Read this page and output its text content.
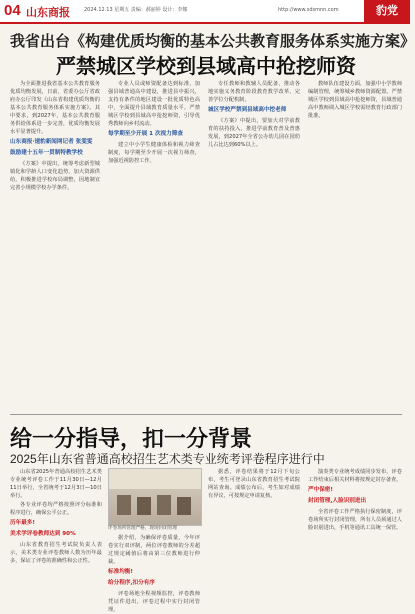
04 山东商报	2024.12.13 星期五 责编：郝丽婷 设计：李娜	http://www.sdsmnn.com	豹党
我省出台《构建优质均衡的基本公共教育服务体系实施方案》
严禁城区学校到县域高中抢挖师资

为全面推进我省基本公共教育服务优质均衡发展，日前，省委办公厅省政府办公厅印发《山东省构建优质均衡的基本公共教育服务体系实施方案》。其中要求，到2027年，基本公共教育服务供给体系进一步完善，优质均衡发展水平显著提升。

山东商报·速豹新闻网记者 张雯雯
鼓励建十五年一贯制特教学校

《方案》中提出，统筹考虑新型城镇化和学龄人口变化趋势，加大资源供给，积极推进学校布局调整，因地制宜完善小规模学校办学条件。

专业人员或师资配备达到标准，加强县域普通高中建设，推进县中振兴，支持有条件的地区建设一批优质特色高中，全面提升县域教育质量水平。严禁城区学校到县域高中抢挖师资，引导优秀教师向乡村流动。

每学期至少开展 1 次视力筛查

建立中小学生健康体检和视力筛查制度，每学期至少开展一次视力筛查，加强近视防控工作。

专任教师和教辅人员配备，推动各地实施义务教育阶段教育教学改革，完善学位分配机制。

城区学校严禁到县域高中挖老师

《方案》中提出，要加大对学前教育的扶持投入，推进学前教育普及普惠发展，到2027年全省公办幼儿园在园幼儿占比达到60%以上。

教师队伍建设方面，加强中小学教师编制管理，统筹城乡教师资源配置。严禁城区学校到县域高中抢挖师资，县域普通高中教师调入城区学校需经教育行政部门批准。

给一分指导，扣一分背景
2025年山东省普通高校招生艺术类专业统考评卷程序进行中

山东省2025年普通高校招生艺术类专业统考评卷工作于11月30日—12月11日举行，全省统考于12月3日—10日举行。

各专业评卷均严格按照评分标准和程序进行，确保公平公正。

历年最多!
美术学评卷教师达到 90%

山东省教育招生考试院负责人表示，美术类专业评卷教师人数为历年最多，保证了评卷的准确性和公正性。

评卷场所管理严格，现场封闭管理

据介绍，为确保评卷质量，今年评卷实行双评制，两位评卷教师的分差超过规定阈值后将由第三位教师进行仲裁。

标准均衡!
给分程序,扣分有序

评卷场地全程视频监控，评卷教师凭证件进出，评卷过程中实行封闭管理。

据悉，评卷结果将于12月下旬公布，考生可登录山东省教育招生考试院网站查询。成绩公布后，考生如对成绩有异议，可按规定申请复核。

演奏类专业统考成绩同步发布，评卷工作结束后相关材料将按规定封存备查。

严中保密!
封闭管理,人脸识别进出

全省评卷工作严格执行保密制度，评卷场所实行封闭管理，所有人员须通过人脸识别进出，手机等通讯工具统一保管。
